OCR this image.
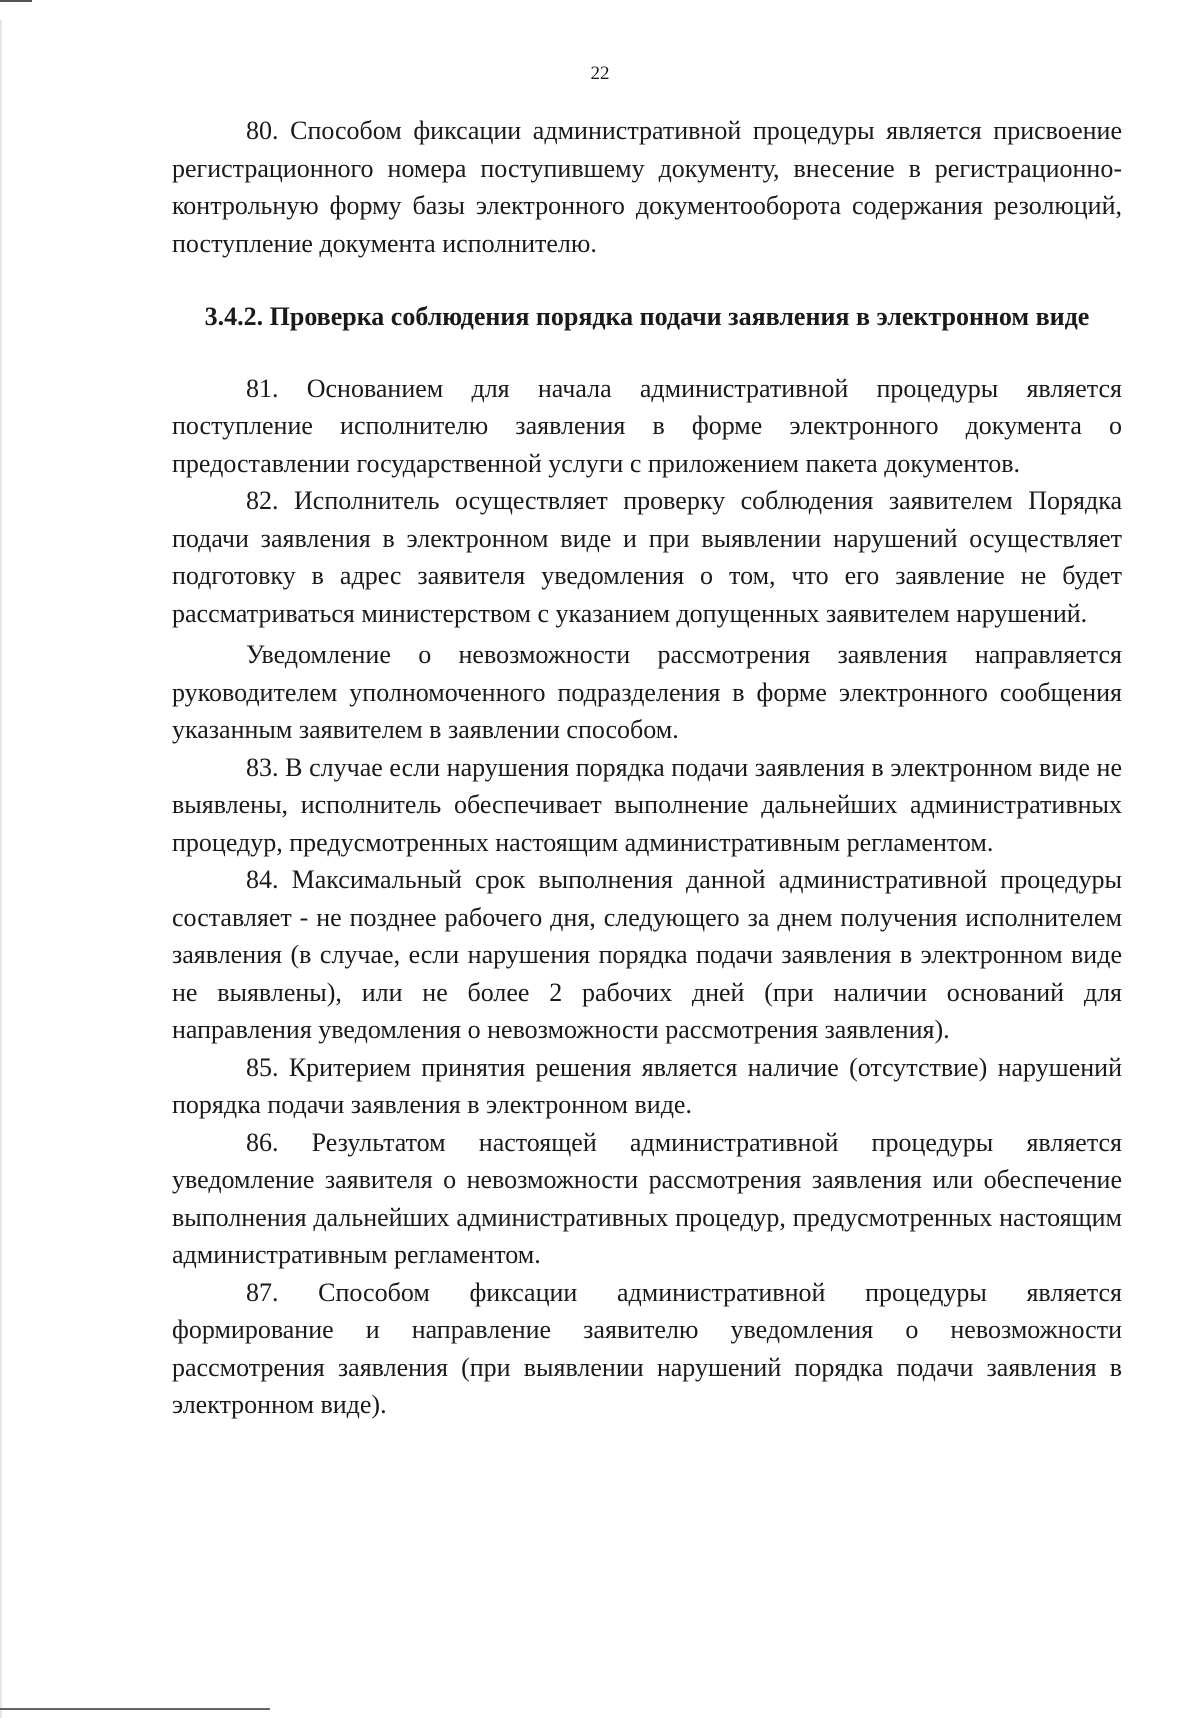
22

80. Способом фиксации административной процедуры является присвоение регистрационного номера поступившему документу, внесение в регистрационно-контрольную форму базы электронного документооборота содержания резолюций, поступление документа исполнителю.

3.4.2. Проверка соблюдения порядка подачи заявления в электронном виде

81. Основанием для начала административной процедуры является поступление исполнителю заявления в форме электронного документа о предоставлении государственной услуги с приложением пакета документов.

82. Исполнитель осуществляет проверку соблюдения заявителем Порядка подачи заявления в электронном виде и при выявлении нарушений осуществляет подготовку в адрес заявителя уведомления о том, что его заявление не будет рассматриваться министерством с указанием допущенных заявителем нарушений.

Уведомление о невозможности рассмотрения заявления направляется руководителем уполномоченного подразделения в форме электронного сообщения указанным заявителем в заявлении способом.

83. В случае если нарушения порядка подачи заявления в электронном виде не выявлены, исполнитель обеспечивает выполнение дальнейших административных процедур, предусмотренных настоящим административным регламентом.

84. Максимальный срок выполнения данной административной процедуры составляет - не позднее рабочего дня, следующего за днем получения исполнителем заявления (в случае, если нарушения порядка подачи заявления в электронном виде не выявлены), или не более 2 рабочих дней (при наличии оснований для направления уведомления о невозможности рассмотрения заявления).

85. Критерием принятия решения является наличие (отсутствие) нарушений порядка подачи заявления в электронном виде.

86. Результатом настоящей административной процедуры является уведомление заявителя о невозможности рассмотрения заявления или обеспечение выполнения дальнейших административных процедур, предусмотренных настоящим административным регламентом.

87. Способом фиксации административной процедуры является формирование и направление заявителю уведомления о невозможности рассмотрения заявления (при выявлении нарушений порядка подачи заявления в электронном виде).
